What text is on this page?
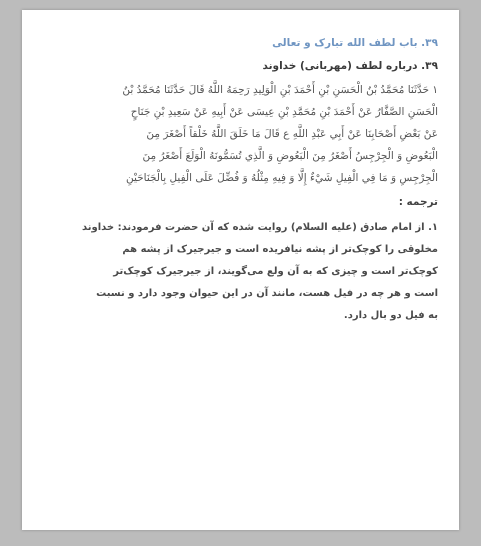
۳۹. باب لطف الله تبارک و تعالى
۳۹. درباره لطف (مهربانى) خداوند
۱ حَدَّثَنَا مُحَمَّدُ بْنُ الْحَسَنِ بْنِ أَحْمَدَ بْنِ الْوَلِيدِ رَحِمَهُ اللَّهُ قَالَ حَدَّثَنَا مُحَمَّدُ بْنُ
الْحَسَنِ الصَّفَّارُ عَنْ أَحْمَدَ بْنِ مُحَمَّدِ بْنِ عِيسَى عَنْ أَبِيهِ عَنْ سَعِيدِ بْنِ جَنَاحٍ
عَنْ بَعْضِ أَصْحَابِنَا عَنْ أَبِي عَبْدِ اللَّهِ ع قَالَ مَا خَلَقَ اللَّهُ خَلْقاً أَصْغَرَ مِنَ
الْبَعُوضِ وَ الْجِرْجِسُ أَصْغَرُ مِنَ الْبَعُوضِ وَ الَّذِي تُسَمُّونَهُ الْوَلَعَ أَصْغَرُ مِنَ
الْجِرْجِسِ وَ مَا فِي الْفِيلِ شَيْءٌ إِلَّا وَ فِيهِ مِثْلُهُ وَ فُضِّلَ عَلَى الْفِيلِ بِالْجَنَاحَيْنِ
ترجمه :
۱. از امام صادق (علیه السلام) روایت شده که آن حضرت فرمودند: خداوند
مخلوقى را کوچک‌تر از پشه نیافریده است و جیرجیرک از پشه هم
کوچک‌تر است و چیزى که به آن ولع مى‌گویند، از جیرجیرک کوچک‌تر
است و هر چه در فیل هست، مانند آن در این حیوان وجود دارد و نسبت
به فیل دو بال دارد.
